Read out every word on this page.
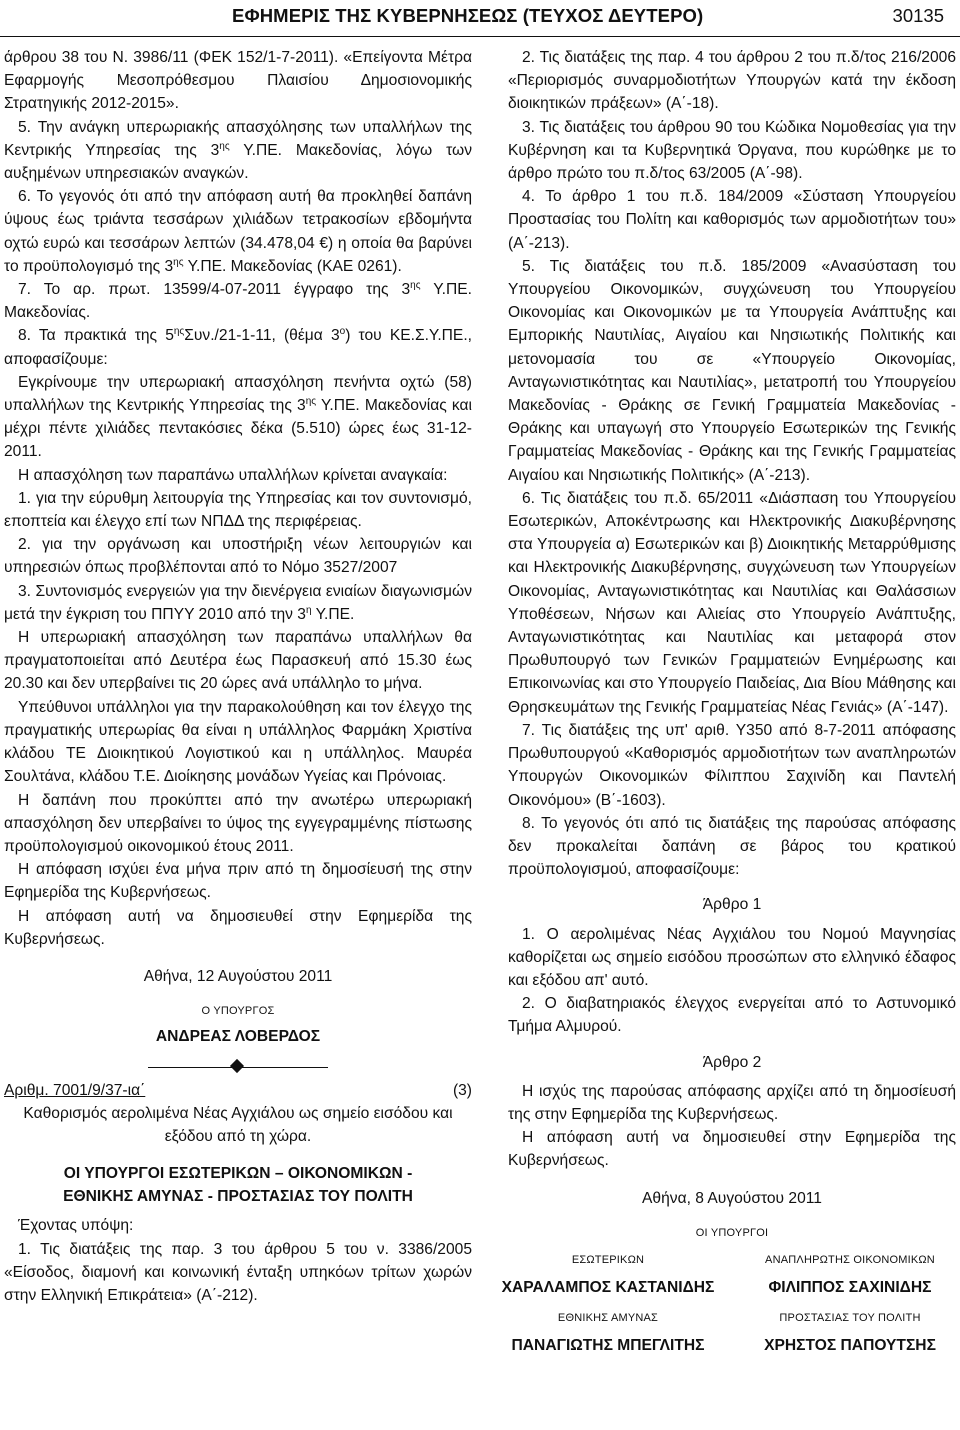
ΕΦΗΜΕΡΙΣ ΤΗΣ ΚΥΒΕΡΝΗΣΕΩΣ (ΤΕΥΧΟΣ ΔΕΥΤΕΡΟ)	30135

άρθρου 38 του Ν. 3986/11 (ΦΕΚ 152/1-7-2011). «Επείγοντα Μέτρα Εφαρμογής Μεσοπρόθεσμου Πλαισίου Δημοσιονομικής Στρατηγικής 2012-2015».

5. Την ανάγκη υπερωριακής απασχόλησης των υπαλλήλων της Κεντρικής Υπηρεσίας της $3^{\eta\varsigma}$ Υ.ΠΕ. Μακεδονίας, λόγω των αυξημένων υπηρεσιακών αναγκών.

6. Το γεγονός ότι από την απόφαση αυτή θα προκληθεί δαπάνη ύψους έως τριάντα τεσσάρων χιλιάδων τετρακοσίων εβδομήντα οχτώ ευρώ και τεσσάρων λεπτών (34.478,04 €) η οποία θα βαρύνει το προϋπολογισμό της $3^{\eta\varsigma}$ Υ.ΠΕ. Μακεδονίας (ΚΑΕ 0261).

7. Το αρ. πρωτ. 13599/4-07-2011 έγγραφο της $3^{\eta\varsigma}$ Υ.ΠΕ. Μακεδονίας.

8. Τα πρακτικά της $5^{\eta\varsigma}\Sigma\upsilon\nu./21-1-11$, (θέμα $3^o$) του ΚΕ.Σ.Υ.ΠΕ., αποφασίζουμε:

Εγκρίνουμε την υπερωριακή απασχόληση πενήντα οχτώ (58) υπαλλήλων της Κεντρικής Υπηρεσίας της $3^{\eta\varsigma}$ Υ.ΠΕ. Μακεδονίας και μέχρι πέντε χιλιάδες πεντακόσιες δέκα (5.510) ώρες έως 31-12-2011.

Η απασχόληση των παραπάνω υπαλλήλων κρίνεται αναγκαία:

1. για την εύρυθμη λειτουργία της Υπηρεσίας και τον συντονισμό, εποπτεία και έλεγχο επί των ΝΠΔΔ της περιφέρειας.

2. για την οργάνωση και υποστήριξη νέων λειτουργιών και υπηρεσιών όπως προβλέπονται από το Νόμο 3527/2007

3. Συντονισμός ενεργειών για την διενέργεια ενιαίων διαγωνισμών μετά την έγκριση του ΠΠΥΥ 2010 από την $3^\eta$ Υ.ΠΕ.

Η υπερωριακή απασχόληση των παραπάνω υπαλλήλων θα πραγματοποιείται από Δευτέρα έως Παρασκευή από 15.30 έως 20.30 και δεν υπερβαίνει τις 20 ώρες ανά υπάλληλο το μήνα.

Υπεύθυνοι υπάλληλοι για την παρακολούθηση και τον έλεγχο της πραγματικής υπερωρίας θα είναι η υπάλληλος Φαρμάκη Χριστίνα κλάδου ΤΕ Διοικητικού Λογιστικού και η υπάλληλος. Μαυρέα Σουλτάνα, κλάδου Τ.Ε. Διοίκησης μονάδων Υγείας και Πρόνοιας.

Η δαπάνη που προκύπτει από την ανωτέρω υπερωριακή απασχόληση δεν υπερβαίνει το ύψος της εγγεγραμμένης πίστωσης προϋπολογισμού οικονομικού έτους 2011.

Η απόφαση ισχύει ένα μήνα πριν από τη δημοσίευσή της στην Εφημερίδα της Κυβερνήσεως.

Η απόφαση αυτή να δημοσιευθεί στην Εφημερίδα της Κυβερνήσεως.

Αθήνα, 12 Αυγούστου 2011

Ο ΥΠΟΥΡΓΟΣ

ΑΝΔΡΕΑΣ ΛΟΒΕΡΔΟΣ

Αριθμ. 7001/9/37-ια΄	(3)

Καθορισμός αερολιμένα Νέας Αγχιάλου ως σημείο εισόδου και εξόδου από τη χώρα.

ΟΙ ΥΠΟΥΡΓΟΙ ΕΣΩΤΕΡΙΚΩΝ – ΟΙΚΟΝΟΜΙΚΩΝ -

ΕΘΝΙΚΗΣ ΑΜΥΝΑΣ - ΠΡΟΣΤΑΣΙΑΣ ΤΟΥ ΠΟΛΙΤΗ

Έχοντας υπόψη:

1. Τις διατάξεις της παρ. 3 του άρθρου 5 του ν. 3386/2005 «Είσοδος, διαμονή και κοινωνική ένταξη υπηκόων τρίτων χωρών στην Ελληνική Επικράτεια» (Α΄-212).

2. Τις διατάξεις της παρ. 4 του άρθρου 2 του π.δ/τος 216/2006 «Περιορισμός συναρμοδιοτήτων Υπουργών κατά την έκδοση διοικητικών πράξεων» (Α΄-18).

3. Τις διατάξεις του άρθρου 90 του Κώδικα Νομοθεσίας για την Κυβέρνηση και τα Κυβερνητικά Όργανα, που κυρώθηκε με το άρθρο πρώτο του π.δ/τος 63/2005 (Α΄-98).

4. Το άρθρο 1 του π.δ. 184/2009 «Σύσταση Υπουργείου Προστασίας του Πολίτη και καθορισμός των αρμοδιοτήτων του» (Α΄-213).

5. Τις διατάξεις του π.δ. 185/2009 «Ανασύσταση του Υπουργείου Οικονομικών, συγχώνευση του Υπουργείου Οικονομίας και Οικονομικών με τα Υπουργεία Ανάπτυξης και Εμπορικής Ναυτιλίας, Αιγαίου και Νησιωτικής Πολιτικής και μετονομασία του σε «Υπουργείο Οικονομίας, Ανταγωνιστικότητας και Ναυτιλίας», μετατροπή του Υπουργείου Μακεδονίας - Θράκης σε Γενική Γραμματεία Μακεδονίας - Θράκης και υπαγωγή στο Υπουργείο Εσωτερικών της Γενικής Γραμματείας Μακεδονίας - Θράκης και της Γενικής Γραμματείας Αιγαίου και Νησιωτικής Πολιτικής» (Α΄-213).

6. Τις διατάξεις του π.δ. 65/2011 «Διάσπαση του Υπουργείου Εσωτερικών, Αποκέντρωσης και Ηλεκτρονικής Διακυβέρνησης στα Υπουργεία α) Εσωτερικών και β) Διοικητικής Μεταρρύθμισης και Ηλεκτρονικής Διακυβέρνησης, συγχώνευση των Υπουργείων Οικονομίας, Ανταγωνιστικότητας και Ναυτιλίας και Θαλάσσιων Υποθέσεων, Νήσων και Αλιείας στο Υπουργείο Ανάπτυξης, Ανταγωνιστικότητας και Ναυτιλίας και μεταφορά στον Πρωθυπουργό των Γενικών Γραμματειών Ενημέρωσης και Επικοινωνίας και στο Υπουργείο Παιδείας, Δια Βίου Μάθησης και Θρησκευμάτων της Γενικής Γραμματείας Νέας Γενιάς» (Α΄-147).

7. Τις διατάξεις της υπ' αριθ. Υ350 από 8-7-2011 απόφασης Πρωθυπουργού «Καθορισμός αρμοδιοτήτων των αναπληρωτών Υπουργών Οικονομικών Φίλιππου Σαχινίδη και Παντελή Οικονόμου» (Β΄-1603).

8. Το γεγονός ότι από τις διατάξεις της παρούσας απόφασης δεν προκαλείται δαπάνη σε βάρος του κρατικού προϋπολογισμού, αποφασίζουμε:

Άρθρο 1

1. Ο αερολιμένας Νέας Αγχιάλου του Νομού Μαγνησίας καθορίζεται ως σημείο εισόδου προσώπων στο ελληνικό έδαφος και εξόδου απ' αυτό.

2. Ο διαβατηριακός έλεγχος ενεργείται από το Αστυνομικό Τμήμα Αλμυρού.

Άρθρο 2

Η ισχύς της παρούσας απόφασης αρχίζει από τη δημοσίευσή της στην Εφημερίδα της Κυβερνήσεως.

Η απόφαση αυτή να δημοσιευθεί στην Εφημερίδα της Κυβερνήσεως.

Αθήνα, 8 Αυγούστου 2011

ΟΙ ΥΠΟΥΡΓΟΙ

ΕΣΩΤΕΡΙΚΩΝ
ΧΑΡΑΛΑΜΠΟΣ ΚΑΣΤΑΝΙΔΗΣ
ΑΝΑΠΛΗΡΩΤΗΣ ΟΙΚΟΝΟΜΙΚΩΝ
ΦΙΛΙΠΠΟΣ ΣΑΧΙΝΙΔΗΣ
ΕΘΝΙΚΗΣ ΑΜΥΝΑΣ
ΠΑΝΑΓΙΩΤΗΣ ΜΠΕΓΛΙΤΗΣ
ΠΡΟΣΤΑΣΙΑΣ ΤΟΥ ΠΟΛΙΤΗ
ΧΡΗΣΤΟΣ ΠΑΠΟΥΤΣΗΣ
